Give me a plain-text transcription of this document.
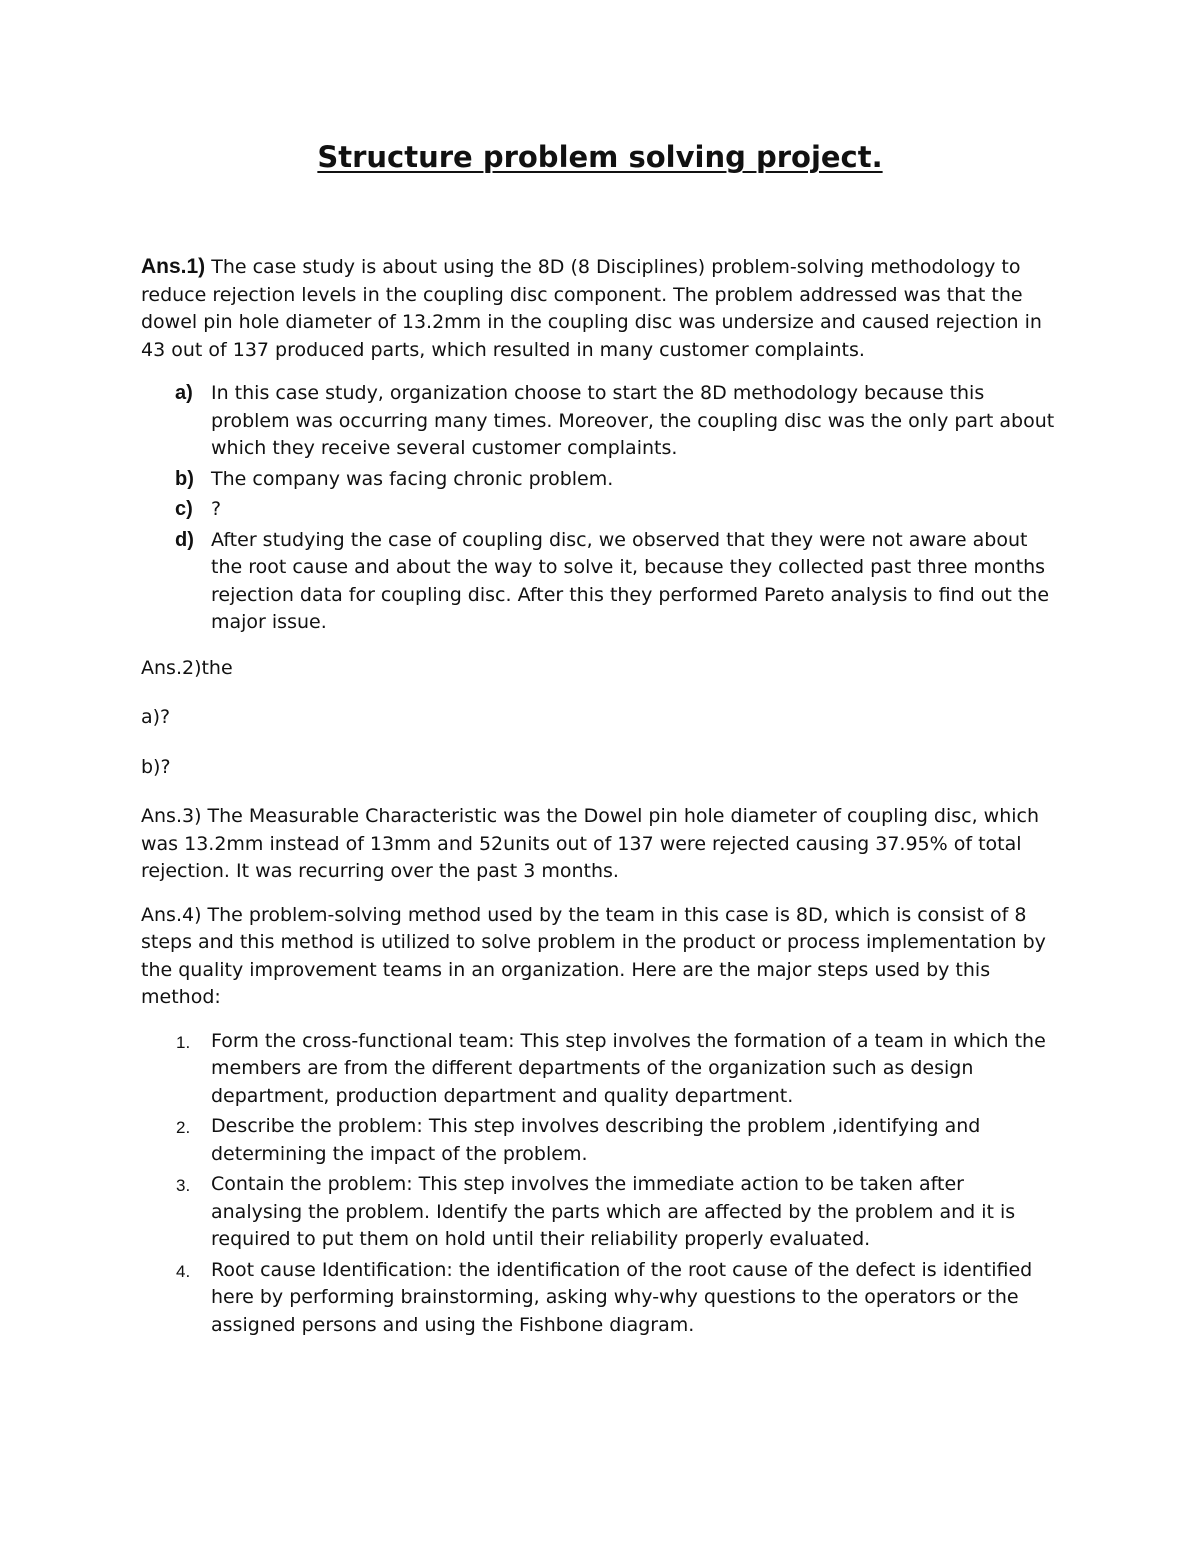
Structure problem solving project.

Ans.1) The case study is about using the 8D (8 Disciplines) problem-solving methodology to reduce rejection levels in the coupling disc component. The problem addressed was that the dowel pin hole diameter of 13.2mm in the coupling disc was undersize and caused rejection in 43 out of 137 produced parts, which resulted in many customer complaints.

a) In this case study, organization choose to start the 8D methodology because this problem was occurring many times. Moreover, the coupling disc was the only part about which they receive several customer complaints.
b) The company was facing chronic problem.
c) ?
d) After studying the case of coupling disc, we observed that they were not aware about the root cause and about the way to solve it, because they collected past three months rejection data for coupling disc. After this they performed Pareto analysis to find out the major issue.

Ans.2)the

a)?

b)?

Ans.3) The Measurable Characteristic was the Dowel pin hole diameter of coupling disc, which was 13.2mm instead of 13mm and 52units out of 137 were rejected causing 37.95% of total rejection. It was recurring over the past 3 months.

Ans.4) The problem-solving method used by the team in this case is 8D, which is consist of 8 steps and this method is utilized to solve problem in the product or process implementation by the quality improvement teams in an organization. Here are the major steps used by this method:

1. Form the cross-functional team: This step involves the formation of a team in which the members are from the different departments of the organization such as design department, production department and quality department.
2. Describe the problem: This step involves describing the problem ,identifying and determining the impact of the problem.
3. Contain the problem: This step involves the immediate action to be taken after analysing the problem. Identify the parts which are affected by the problem and it is required to put them on hold until their reliability properly evaluated.
4. Root cause Identification: the identification of the root cause of the defect is identified here by performing brainstorming, asking why-why questions to the operators or the assigned persons and using the Fishbone diagram.
